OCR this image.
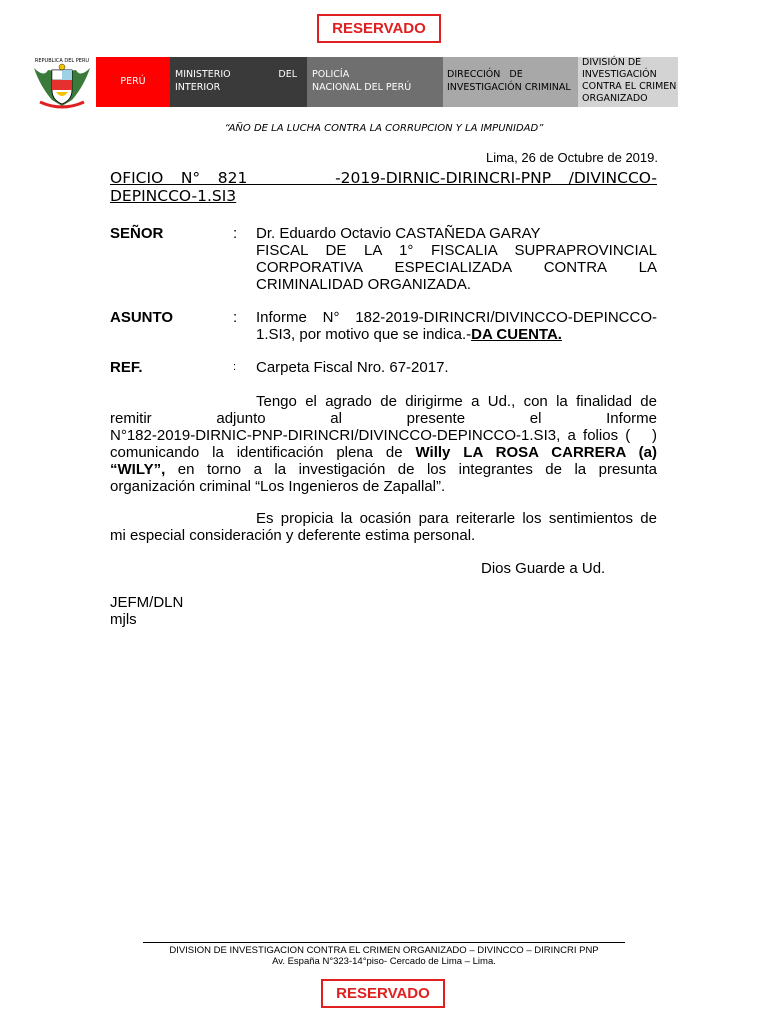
RESERVADO
REPUBLICA DEL PERU
PERÚ
MINISTERIO	DEL
INTERIOR
POLICÍA
NACIONAL DEL PERÚ
DIRECCIÓN   DE
INVESTIGACIÓN CRIMINAL
DIVISIÓN DE
INVESTIGACIÓN
CONTRA EL CRIMEN
ORGANIZADO
“AÑO DE LA LUCHA CONTRA LA CORRUPCION Y LA IMPUNIDAD”
Lima, 26 de Octubre de 2019.
OFICIO N° 821     -2019-DIRNIC-DIRINCRI-PNP /DIVINCCO-
DEPINCCO-1.SI3
SEÑOR	: Dr. Eduardo Octavio CASTAÑEDA GARAY
FISCAL DE LA 1° FISCALIA SUPRAPROVINCIAL
CORPORATIVA ESPECIALIZADA CONTRA LA
CRIMINALIDAD ORGANIZADA.
ASUNTO	: Informe N° 182-2019-DIRINCRI/DIVINCCO-DEPINCCO-
1.SI3, por motivo que se indica.-DA CUENTA.
REF.	: Carpeta Fiscal Nro. 67-2017.
Tengo el agrado de dirigirme a Ud., con la finalidad de
remitir adjunto al presente el Informe
N°182-2019-DIRNIC-PNP-DIRINCRI/DIVINCCO-DEPINCCO-1.SI3, a folios (   )
comunicando la identificación plena de Willy LA ROSA CARRERA (a)
“WILY”, en torno a la investigación de los integrantes de la presunta
organización criminal “Los Ingenieros de Zapallal”.
Es propicia la ocasión para reiterarle los sentimientos de
mi especial consideración y deferente estima personal.
Dios Guarde a Ud.
JEFM/DLN
mjls
DIVISION DE INVESTIGACION CONTRA EL CRIMEN ORGANIZADO – DIVINCCO – DIRINCRI PNP
Av. España N°323-14°piso- Cercado de Lima – Lima.
RESERVADO
